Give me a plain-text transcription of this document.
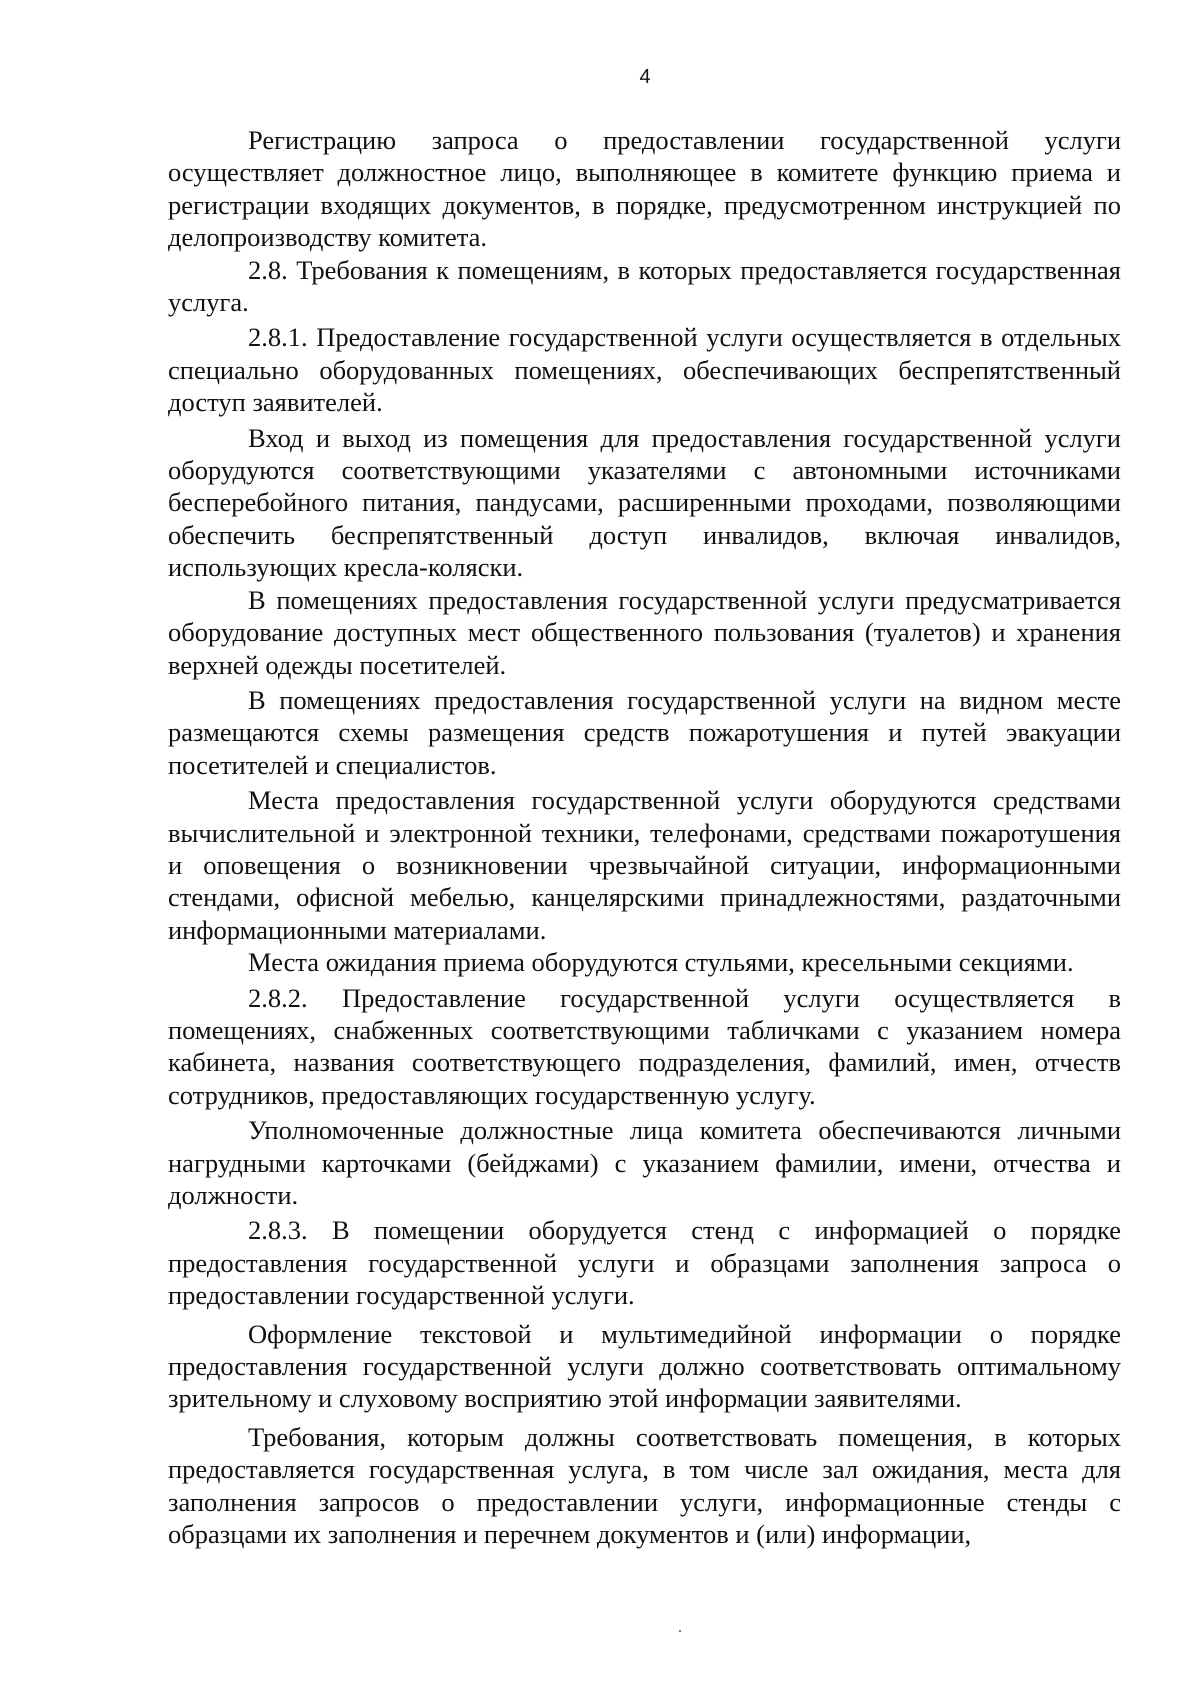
4

Регистрацию запроса о предоставлении государственной услуги осуществляет должностное лицо, выполняющее в комитете функцию приема и регистрации входящих документов, в порядке, предусмотренном инструкцией по делопроизводству комитета.

2.8. Требования к помещениям, в которых предоставляется государственная услуга.

2.8.1. Предоставление государственной услуги осуществляется в отдельных специально оборудованных помещениях, обеспечивающих беспрепятственный доступ заявителей.

Вход и выход из помещения для предоставления государственной услуги оборудуются соответствующими указателями с автономными источниками бесперебойного питания, пандусами, расширенными проходами, позволяющими обеспечить беспрепятственный доступ инвалидов, включая инвалидов, использующих кресла-коляски.

В помещениях предоставления государственной услуги предусматривается оборудование доступных мест общественного пользования (туалетов) и хранения верхней одежды посетителей.

В помещениях предоставления государственной услуги на видном месте размещаются схемы размещения средств пожаротушения и путей эвакуации посетителей и специалистов.

Места предоставления государственной услуги оборудуются средствами вычислительной и электронной техники, телефонами, средствами пожаротушения и оповещения о возникновении чрезвычайной ситуации, информационными стендами, офисной мебелью, канцелярскими принадлежностями, раздаточными информационными материалами.

Места ожидания приема оборудуются стульями, кресельными секциями.

2.8.2. Предоставление государственной услуги осуществляется в помещениях, снабженных соответствующими табличками с указанием номера кабинета, названия соответствующего подразделения, фамилий, имен, отчеств сотрудников, предоставляющих государственную услугу.

Уполномоченные должностные лица комитета обеспечиваются личными нагрудными карточками (бейджами) с указанием фамилии, имени, отчества и должности.

2.8.3. В помещении оборудуется стенд с информацией о порядке предоставления государственной услуги и образцами заполнения запроса о предоставлении государственной услуги.

Оформление текстовой и мультимедийной информации о порядке предоставления государственной услуги должно соответствовать оптимальному зрительному и слуховому восприятию этой информации заявителями.

Требования, которым должны соответствовать помещения, в которых предоставляется государственная услуга, в том числе зал ожидания, места для заполнения запросов о предоставлении услуги, информационные стенды с образцами их заполнения и перечнем документов и (или) информации,
